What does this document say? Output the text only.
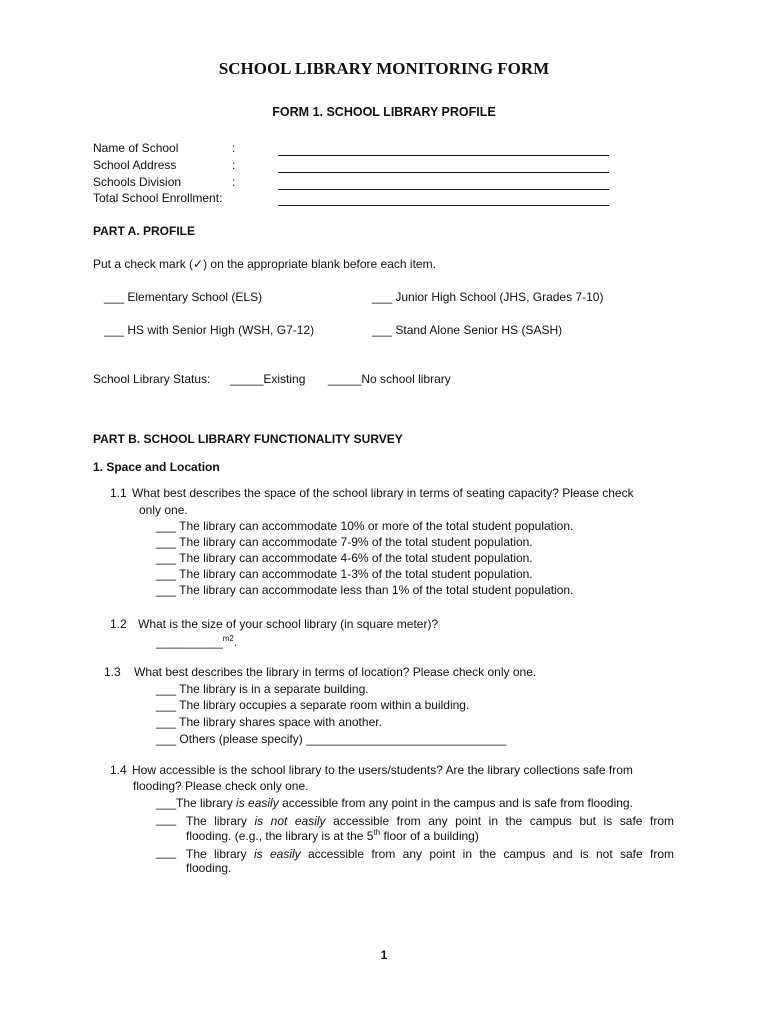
SCHOOL LIBRARY MONITORING FORM
FORM 1. SCHOOL LIBRARY PROFILE
Name of School	:
School Address	:
Schools Division	:
Total School Enrollment:
PART A. PROFILE
Put a check mark (✓) on the appropriate blank before each item.
___ Elementary School (ELS)	___ Junior High School (JHS, Grades 7-10)
___ HS with Senior High (WSH, G7-12)	___ Stand Alone Senior HS (SASH)
School Library Status: _____Existing _____No school library
PART B. SCHOOL LIBRARY FUNCTIONALITY SURVEY
1. Space and Location
1.1 What best describes the space of the school library in terms of seating capacity? Please check
only one.
___ The library can accommodate 10% or more of the total student population.
___ The library can accommodate 7-9% of the total student population.
___ The library can accommodate 4-6% of the total student population.
___ The library can accommodate 1-3% of the total student population.
___ The library can accommodate less than 1% of the total student population.
1.2 What is the size of your school library (in square meter)?
__________$^{m2}$.
1.3 What best describes the library in terms of location? Please check only one.
___ The library is in a separate building.
___ The library occupies a separate room within a building.
___ The library shares space with another.
___ Others (please specify) ______________________________
1.4 How accessible is the school library to the users/students? Are the library collections safe from
flooding? Please check only one.
___The library is easily accessible from any point in the campus and is safe from flooding.
___ The library is not easily accessible from any point in the campus but is safe from
flooding. (e.g., the library is at the 5th floor of a building)
___ The library is easily accessible from any point in the campus and is not safe from
flooding.
1
